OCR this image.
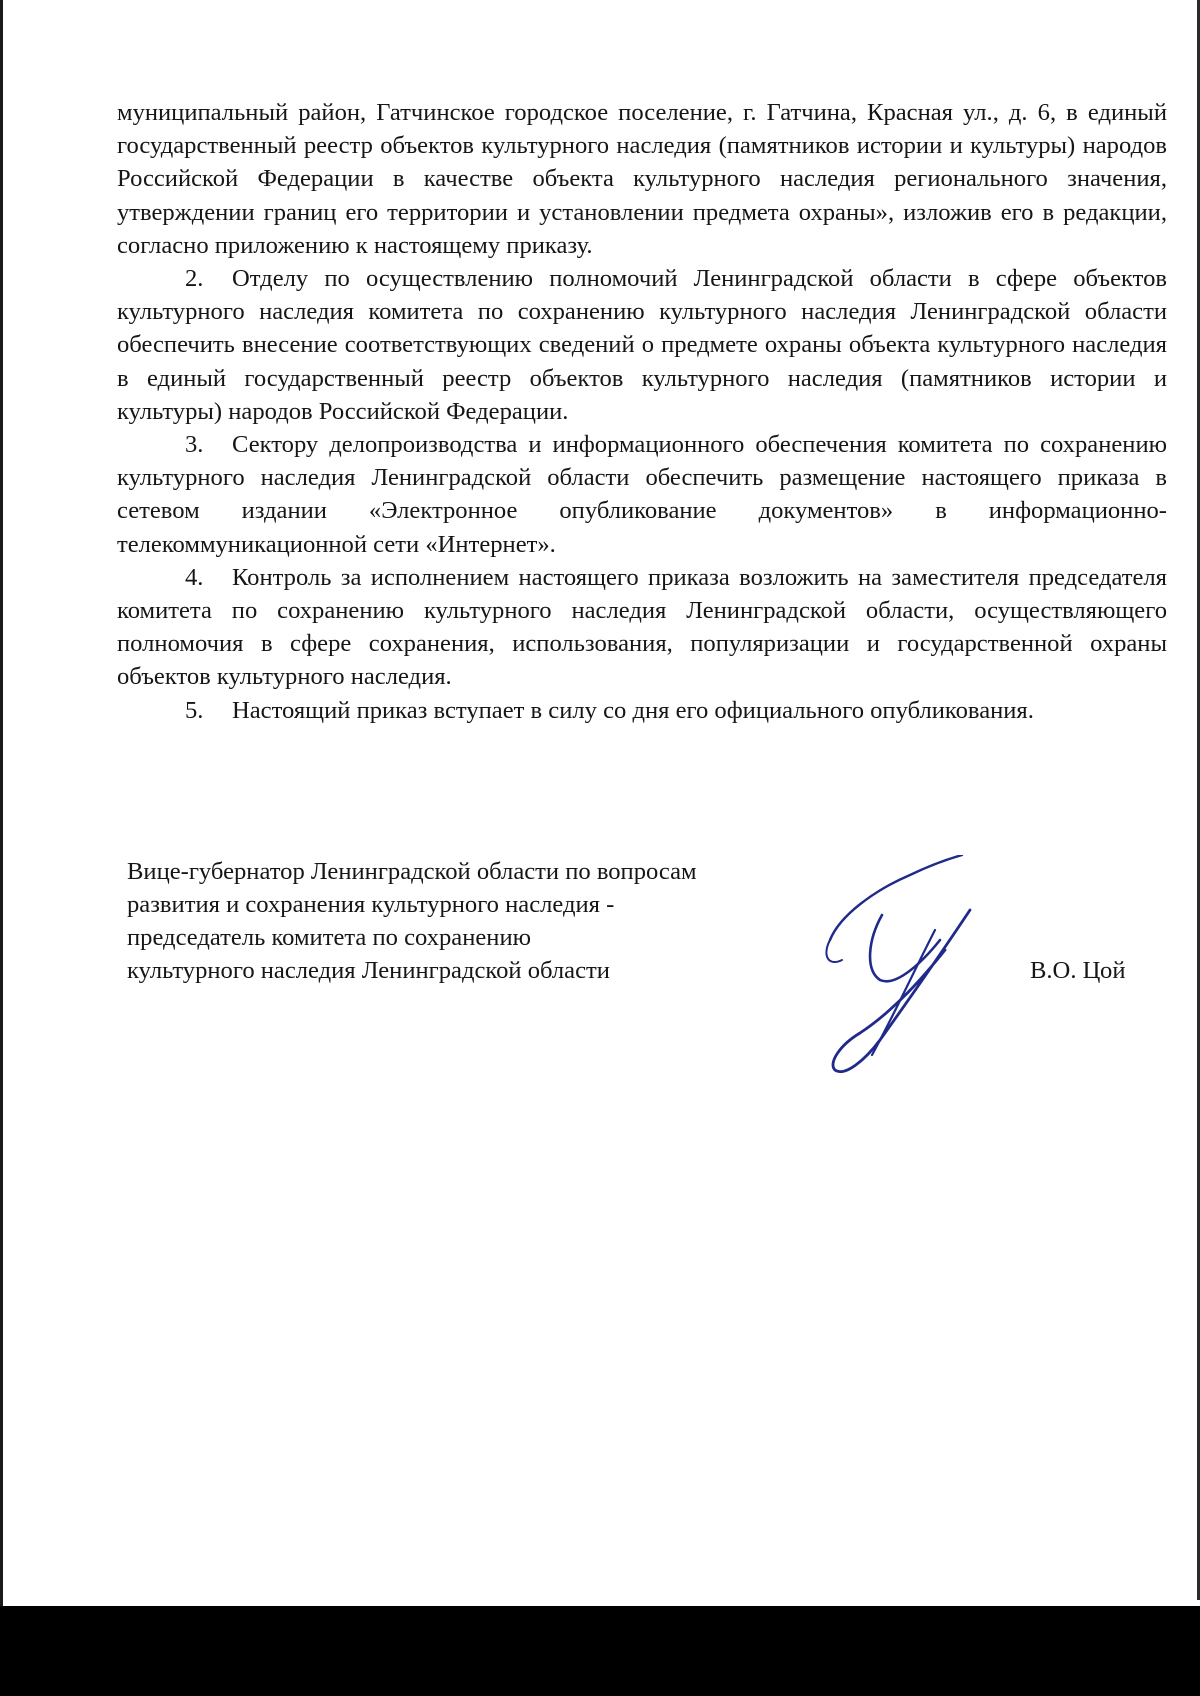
муниципальный район, Гатчинское городское поселение, г. Гатчина, Красная ул., д. 6, в единый государственный реестр объектов культурного наследия (памятников истории и культуры) народов Российской Федерации в качестве объекта культурного наследия регионального значения, утверждении границ его территории и установлении предмета охраны», изложив его в редакции, согласно приложению к настоящему приказу.

2. Отделу по осуществлению полномочий Ленинградской области в сфере объектов культурного наследия комитета по сохранению культурного наследия Ленинградской области обеспечить внесение соответствующих сведений о предмете охраны объекта культурного наследия в единый государственный реестр объектов культурного наследия (памятников истории и культуры) народов Российской Федерации.

3. Сектору делопроизводства и информационного обеспечения комитета по сохранению культурного наследия Ленинградской области обеспечить размещение настоящего приказа в сетевом издании «Электронное опубликование документов» в информационно-телекоммуникационной сети «Интернет».

4. Контроль за исполнением настоящего приказа возложить на заместителя председателя комитета по сохранению культурного наследия Ленинградской области, осуществляющего полномочия в сфере сохранения, использования, популяризации и государственной охраны объектов культурного наследия.

5. Настоящий приказ вступает в силу со дня его официального опубликования.

Вице-губернатор Ленинградской области по вопросам

развития и сохранения культурного наследия -

председатель комитета по сохранению

культурного наследия Ленинградской области	В.О. Цой
